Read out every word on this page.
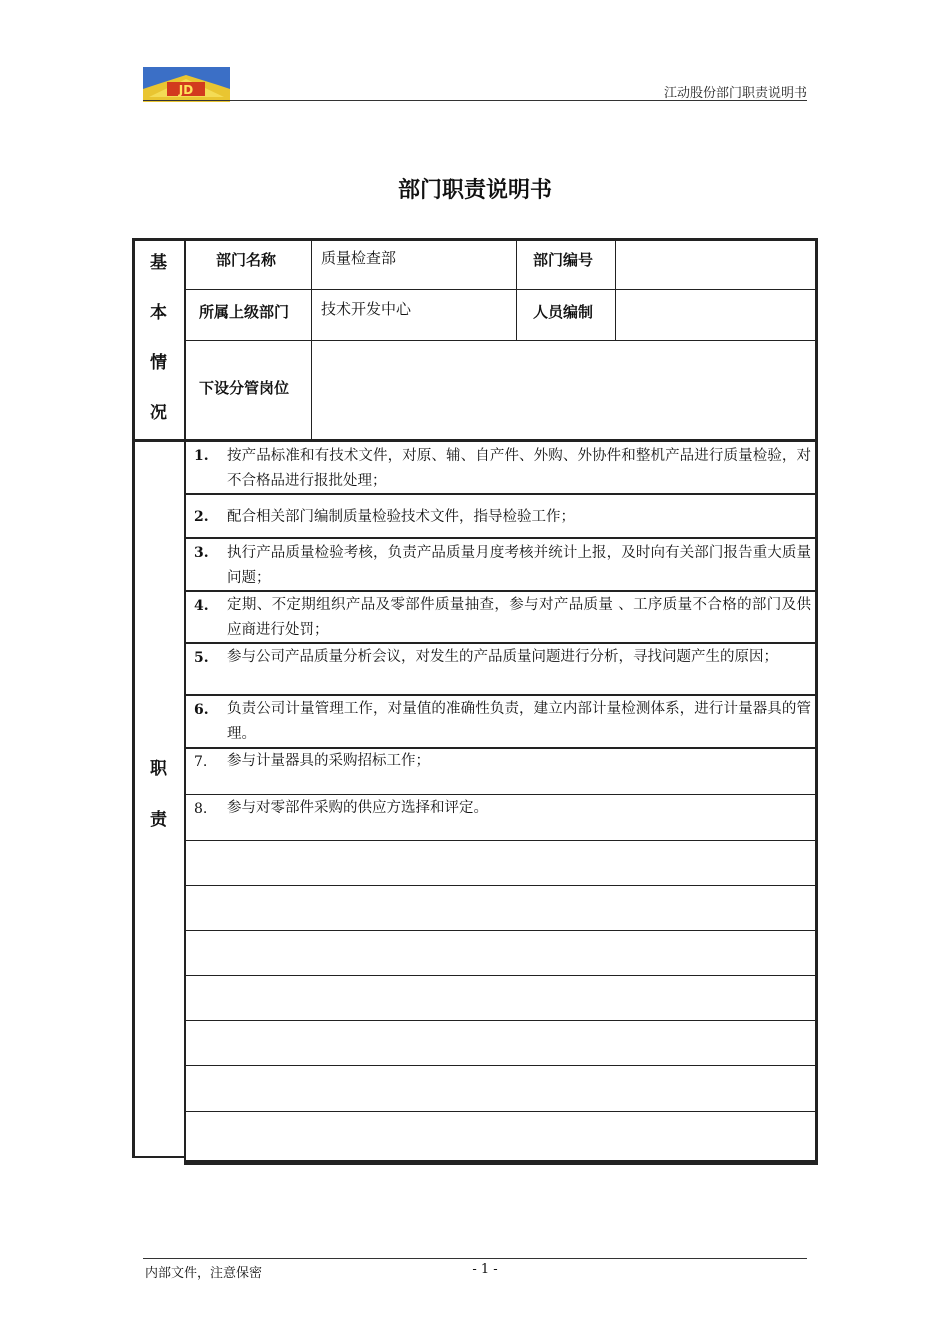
JD	江动股份部门职责说明书
部门职责说明书
基
本
情
况
部门名称	质量检查部	部门编号
所属上级部门 技术开发中心	人员编制
下设分管岗位
职
责
1. 按产品标准和有技术文件，对原、辅、自产件、外购、外协件和整机产品进行质量检验，对不合格品进行报批处理；
2. 配合相关部门编制质量检验技术文件，指导检验工作；
3. 执行产品质量检验考核，负责产品质量月度考核并统计上报，及时向有关部门报告重大质量问题；
4. 定期、不定期组织产品及零部件质量抽查，参与对产品质量 、工序质量不合格的部门及供应商进行处罚；
5. 参与公司产品质量分析会议，对发生的产品质量问题进行分析，寻找问题产生的原因；
6. 负责公司计量管理工作，对量值的准确性负责，建立内部计量检测体系，进行计量器具的管理。
7. 参与计量器具的采购招标工作；
8. 参与对零部件采购的供应方选择和评定。
内部文件，注意保密	- 1 -
